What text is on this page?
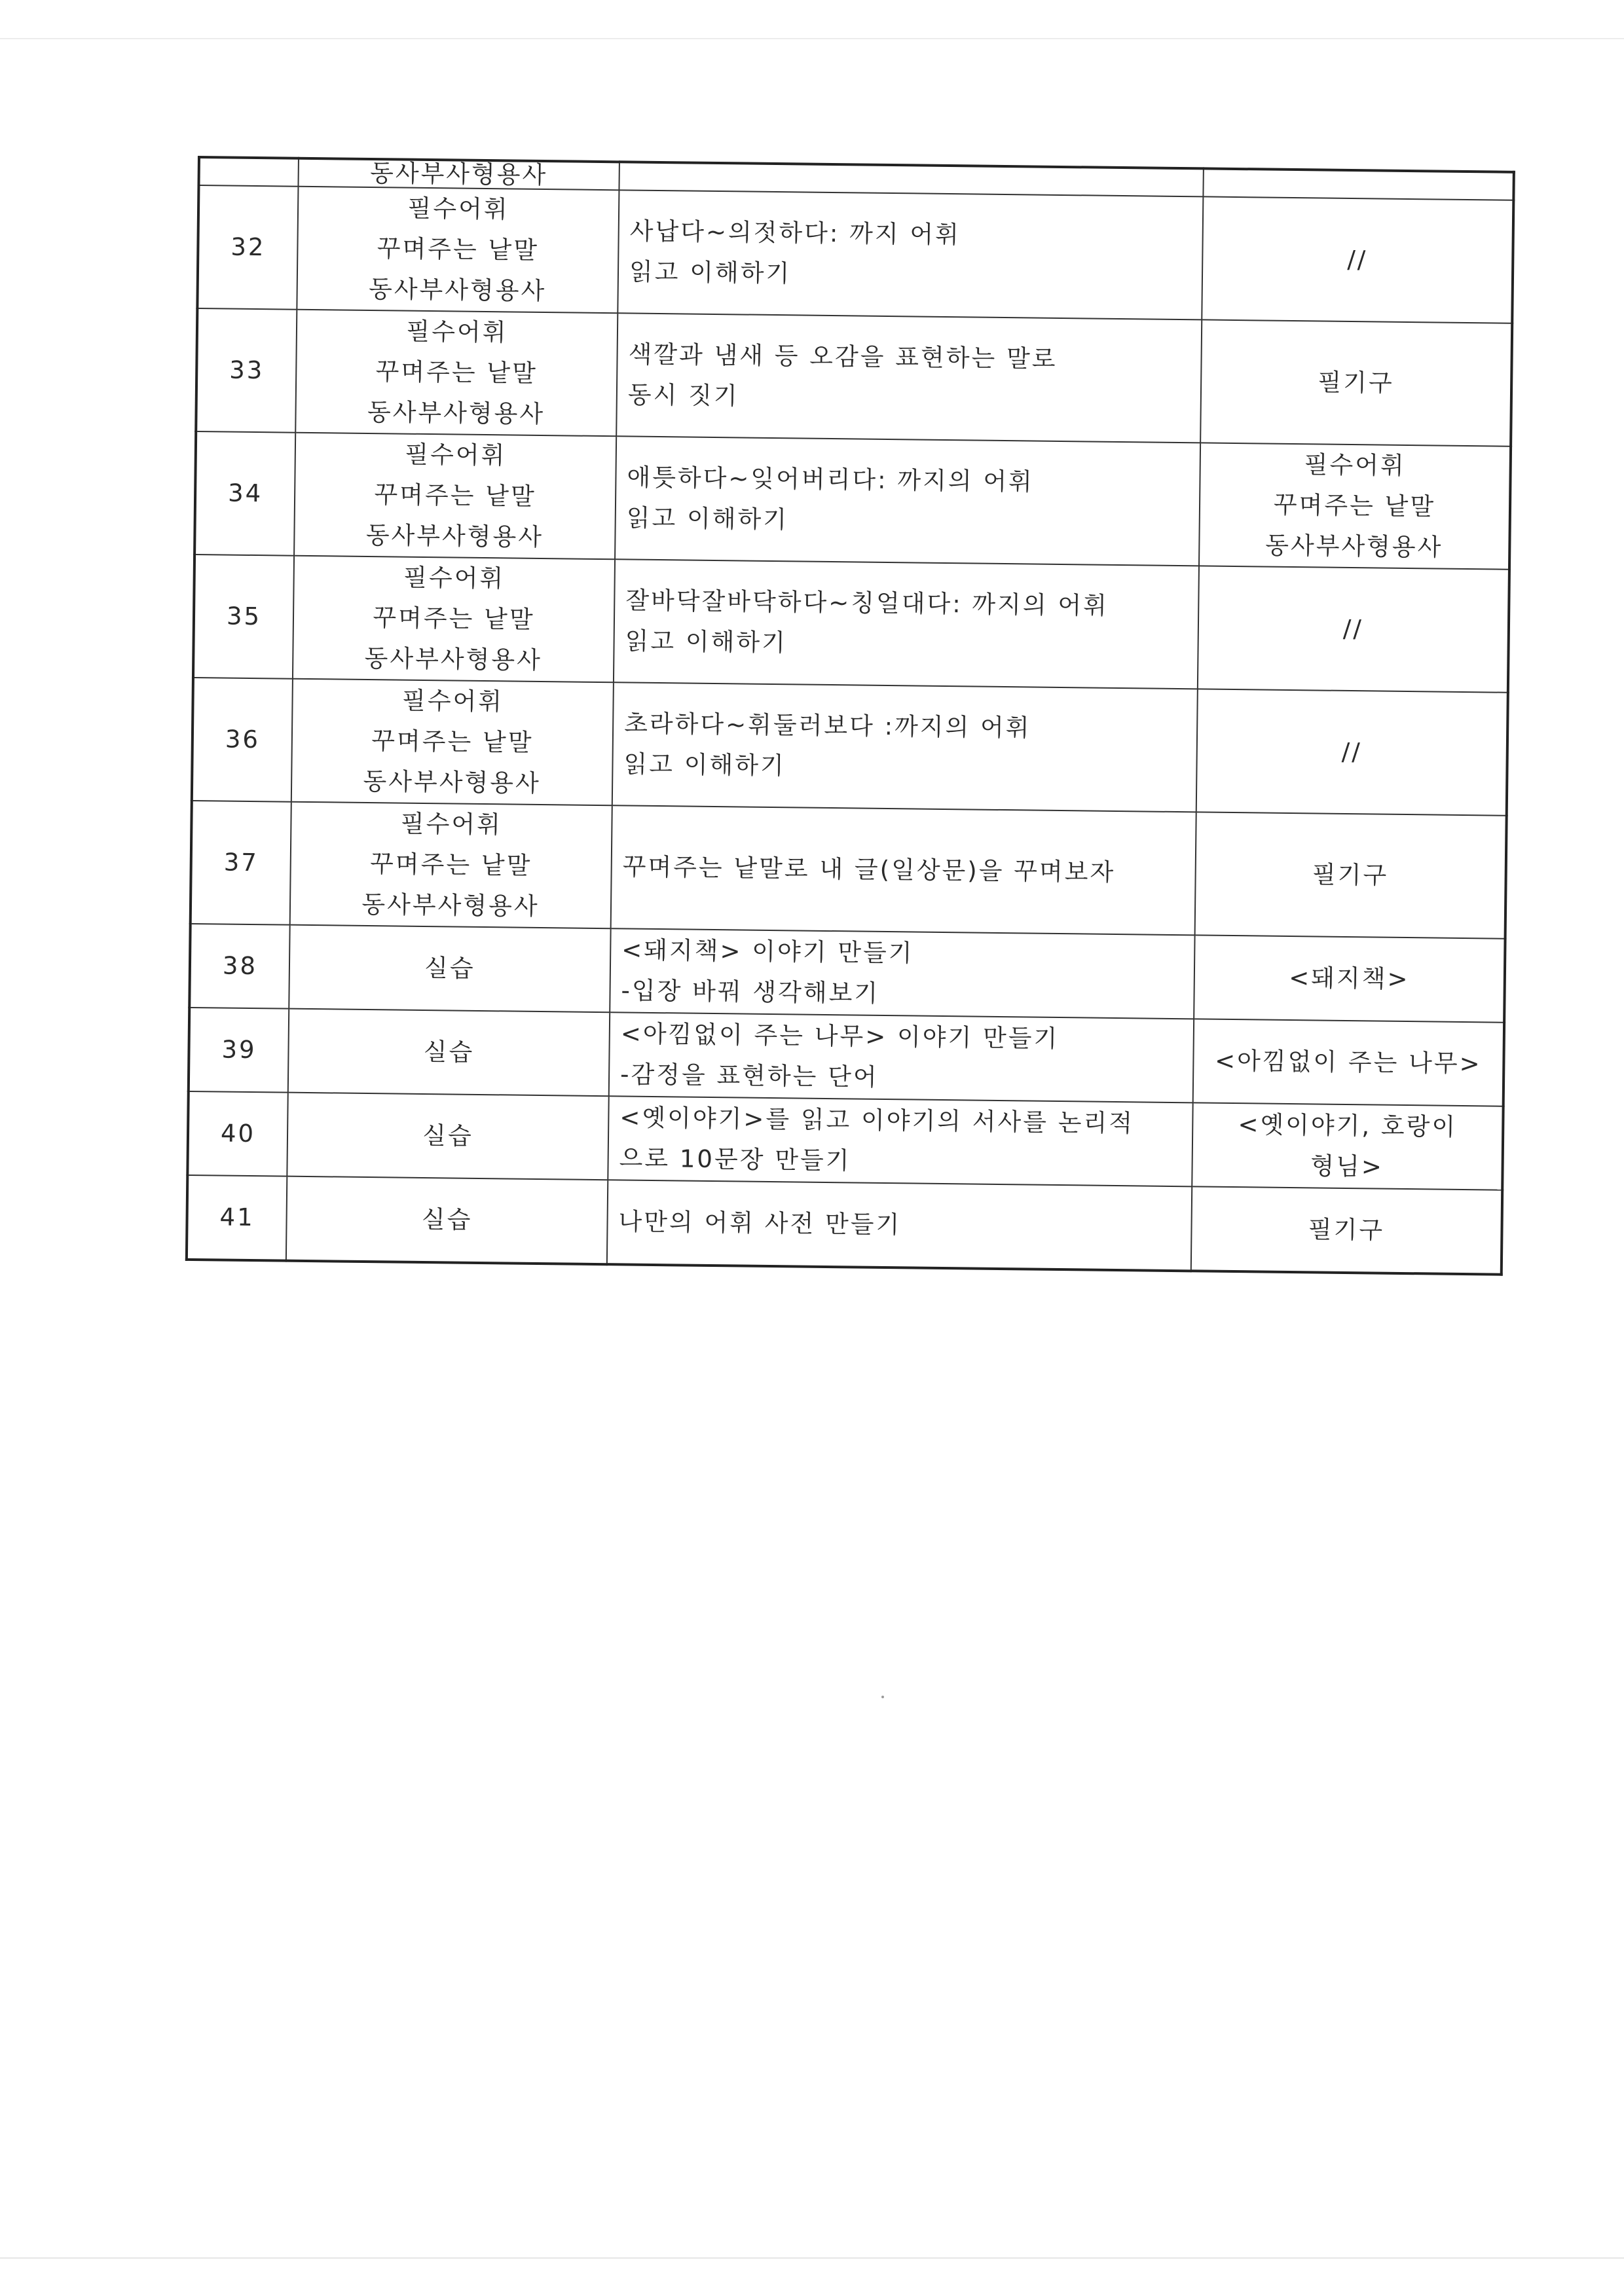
	동사부사형용사		
32	필수어휘
꾸며주는 낱말
동사부사형용사	사납다~의젓하다: 까지 어휘
읽고 이해하기	//

33	필수어휘
꾸며주는 낱말
동사부사형용사	색깔과 냄새 등 오감을 표현하는 말로
동시 짓기	필기구

34	필수어휘
꾸며주는 낱말
동사부사형용사	애틋하다~잊어버리다: 까지의 어휘
읽고 이해하기	필수어휘
꾸며주는 낱말
동사부사형용사

35	필수어휘
꾸며주는 낱말
동사부사형용사	잘바닥잘바닥하다~칭얼대다: 까지의 어휘
읽고 이해하기	//

36	필수어휘
꾸며주는 낱말
동사부사형용사	초라하다~휘둘러보다 :까지의 어휘
읽고 이해하기	//

37	필수어휘
꾸며주는 낱말
동사부사형용사	꾸며주는 낱말로 내 글(일상문)을 꾸며보자	필기구

38	실습	<돼지책> 이야기 만들기
-입장 바꿔 생각해보기	<돼지책>

39	실습	<아낌없이 주는 나무> 이야기 만들기
-감정을 표현하는 단어	<아낌없이 주는 나무>

40	실습	<옛이야기>를 읽고 이야기의 서사를 논리적
으로 10문장 만들기	<옛이야기, 호랑이
형님>

41	실습	나만의 어휘 사전 만들기	필기구
